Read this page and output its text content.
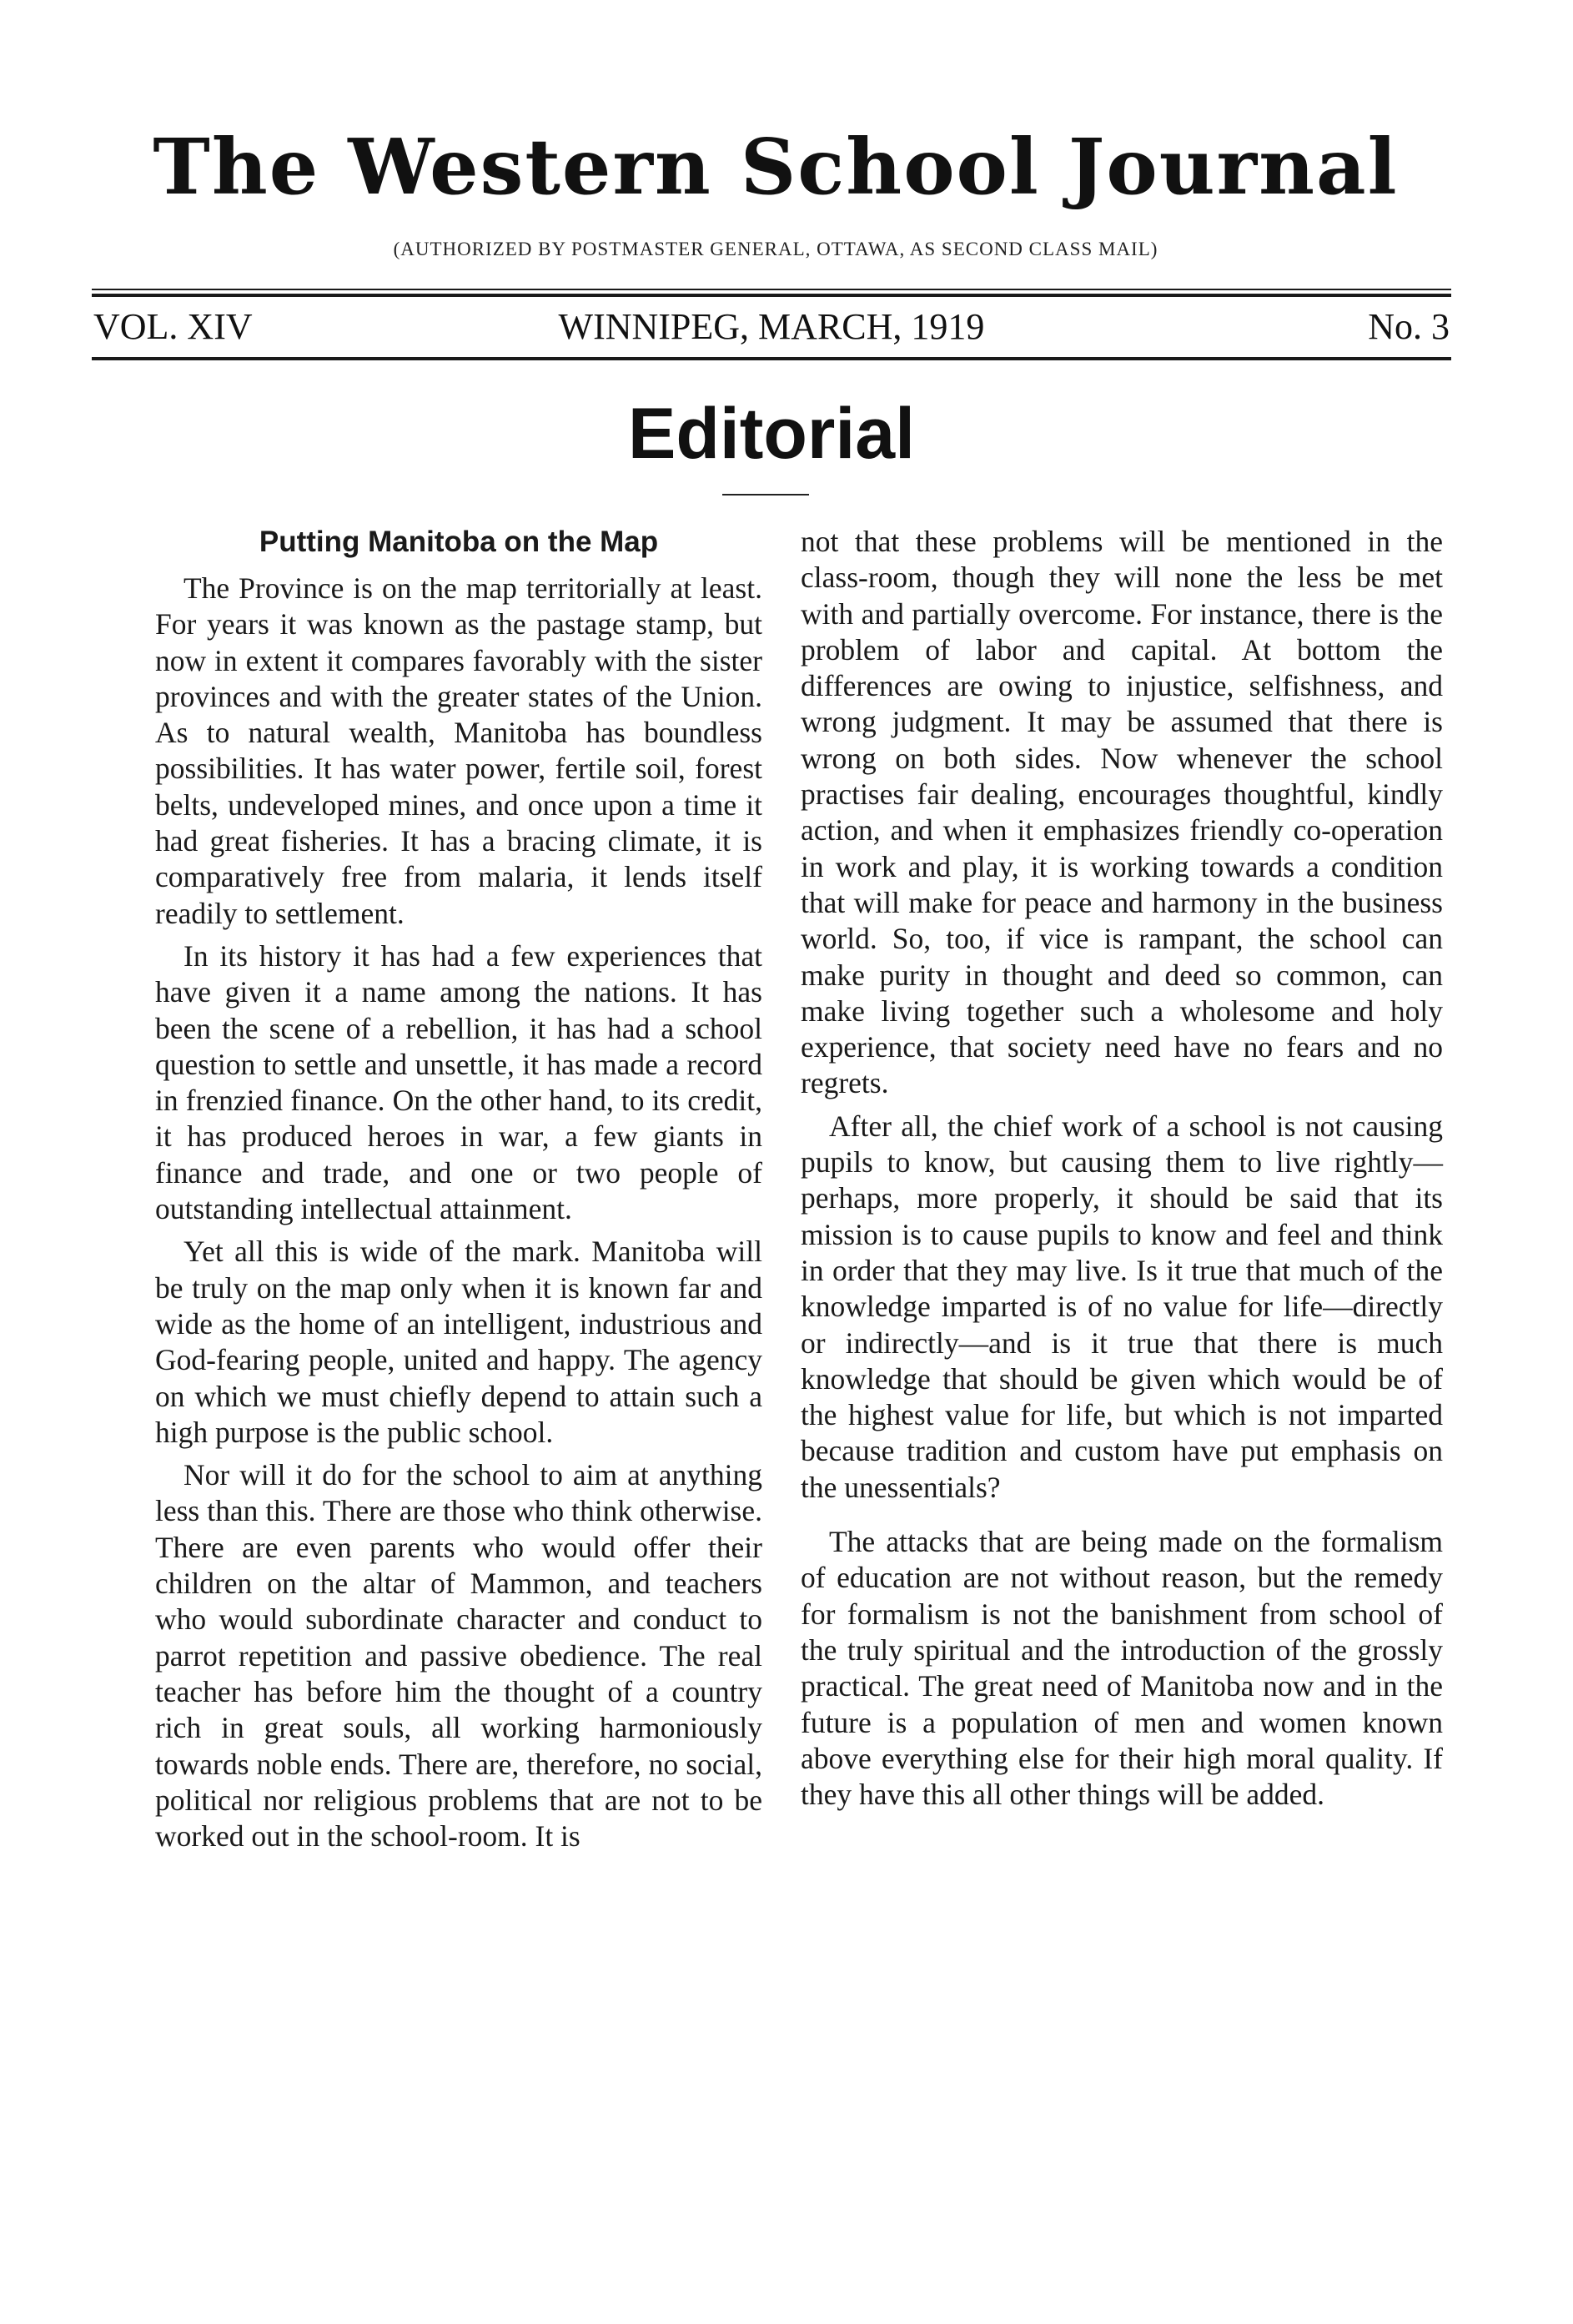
The Western School Journal
(AUTHORIZED BY POSTMASTER GENERAL, OTTAWA, AS SECOND CLASS MAIL)
VOL. XIV	WINNIPEG, MARCH, 1919	No. 3
Editorial
Putting Manitoba on the Map

The Province is on the map territorially at least. For years it was known as the pastage stamp, but now in extent it compares favorably with the sister provinces and with the greater states of the Union. As to natural wealth, Manitoba has boundless possibilities. It has water power, fertile soil, forest belts, undeveloped mines, and once upon a time it had great fisheries. It has a bracing climate, it is comparatively free from malaria, it lends itself readily to settlement.

In its history it has had a few experiences that have given it a name among the nations. It has been the scene of a rebellion, it has had a school question to settle and unsettle, it has made a record in frenzied finance. On the other hand, to its credit, it has produced heroes in war, a few giants in finance and trade, and one or two people of outstanding intellectual attainment.

Yet all this is wide of the mark. Manitoba will be truly on the map only when it is known far and wide as the home of an intelligent, industrious and God-fearing people, united and happy. The agency on which we must chiefly depend to attain such a high purpose is the public school.

Nor will it do for the school to aim at anything less than this. There are those who think otherwise. There are even parents who would offer their children on the altar of Mammon, and teachers who would subordinate character and conduct to parrot repetition and passive obedience. The real teacher has before him the thought of a country rich in great souls, all working harmoniously towards noble ends. There are, therefore, no social, political nor religious problems that are not to be worked out in the school-room. It is

not that these problems will be mentioned in the class-room, though they will none the less be met with and partially overcome. For instance, there is the problem of labor and capital. At bottom the differences are owing to injustice, selfishness, and wrong judgment. It may be assumed that there is wrong on both sides. Now whenever the school practises fair dealing, encourages thoughtful, kindly action, and when it emphasizes friendly co-operation in work and play, it is working towards a condition that will make for peace and harmony in the business world. So, too, if vice is rampant, the school can make purity in thought and deed so common, can make living together such a wholesome and holy experience, that society need have no fears and no regrets.

After all, the chief work of a school is not causing pupils to know, but causing them to live rightly—perhaps, more properly, it should be said that its mission is to cause pupils to know and feel and think in order that they may live. Is it true that much of the knowledge imparted is of no value for life—directly or indirectly—and is it true that there is much knowledge that should be given which would be of the highest value for life, but which is not imparted because tradition and custom have put emphasis on the unessentials?

The attacks that are being made on the formalism of education are not without reason, but the remedy for formalism is not the banishment from school of the truly spiritual and the introduction of the grossly practical. The great need of Manitoba now and in the future is a population of men and women known above everything else for their high moral quality. If they have this all other things will be added.
